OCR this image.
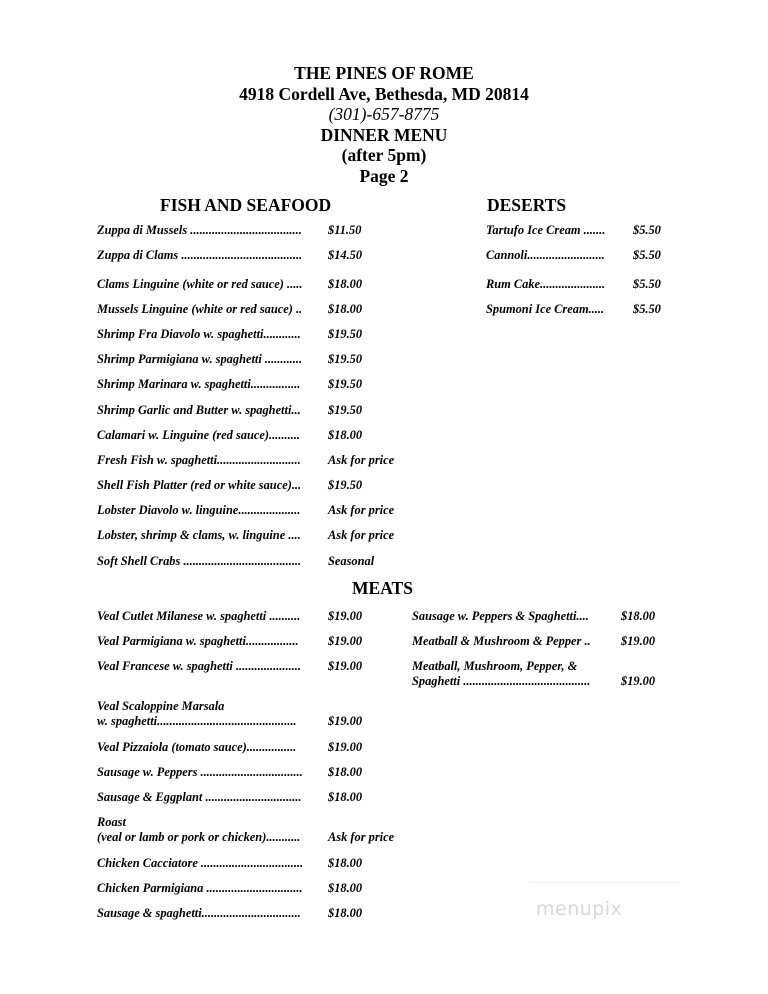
THE PINES OF ROME
4918 Cordell Ave, Bethesda, MD 20814
(301)-657-8775
DINNER MENU
(after 5pm)
Page 2
FISH AND SEAFOOD	DESERTS
MEATS
Zuppa di Mussels .................................... $11.50
Zuppa di Clams ....................................... $14.50
Clams Linguine (white or red sauce) ..... $18.00
Mussels Linguine (white or red sauce) .. $18.00
Shrimp Fra Diavolo w. spaghetti............ $19.50
Shrimp Parmigiana w. spaghetti ............ $19.50
Shrimp Marinara w. spaghetti................ $19.50
Shrimp Garlic and Butter w. spaghetti... $19.50
Calamari w. Linguine (red sauce).......... $18.00
Fresh Fish w. spaghetti........................... Ask for price
Shell Fish Platter (red or white sauce)... $19.50
Lobster Diavolo w. linguine.................... Ask for price
Lobster, shrimp & clams, w. linguine .... Ask for price
Soft Shell Crabs ...................................... Seasonal
Tartufo Ice Cream ....... $5.50
Cannoli......................... $5.50
Rum Cake..................... $5.50
Spumoni Ice Cream..... $5.50
Veal Cutlet Milanese w. spaghetti .......... $19.00
Veal Parmigiana w. spaghetti................. $19.00
Veal Francese w. spaghetti ..................... $19.00
Veal Scaloppine Marsala
w. spaghetti.............................................	$19.00
Veal Pizzaiola (tomato sauce)................	$19.00
Sausage w. Peppers ................................. $18.00
Sausage & Eggplant ............................... $18.00
Roast
(veal or lamb or pork or chicken)........... Ask for price
Chicken Cacciatore ................................. $18.00
Chicken Parmigiana ............................... $18.00
Sausage & spaghetti................................ $18.00
Sausage w. Peppers & Spaghetti....	$18.00
Meatball & Mushroom & Pepper .. $19.00
Meatball, Mushroom, Pepper, &
Spaghetti ......................................... $19.00
menupix
